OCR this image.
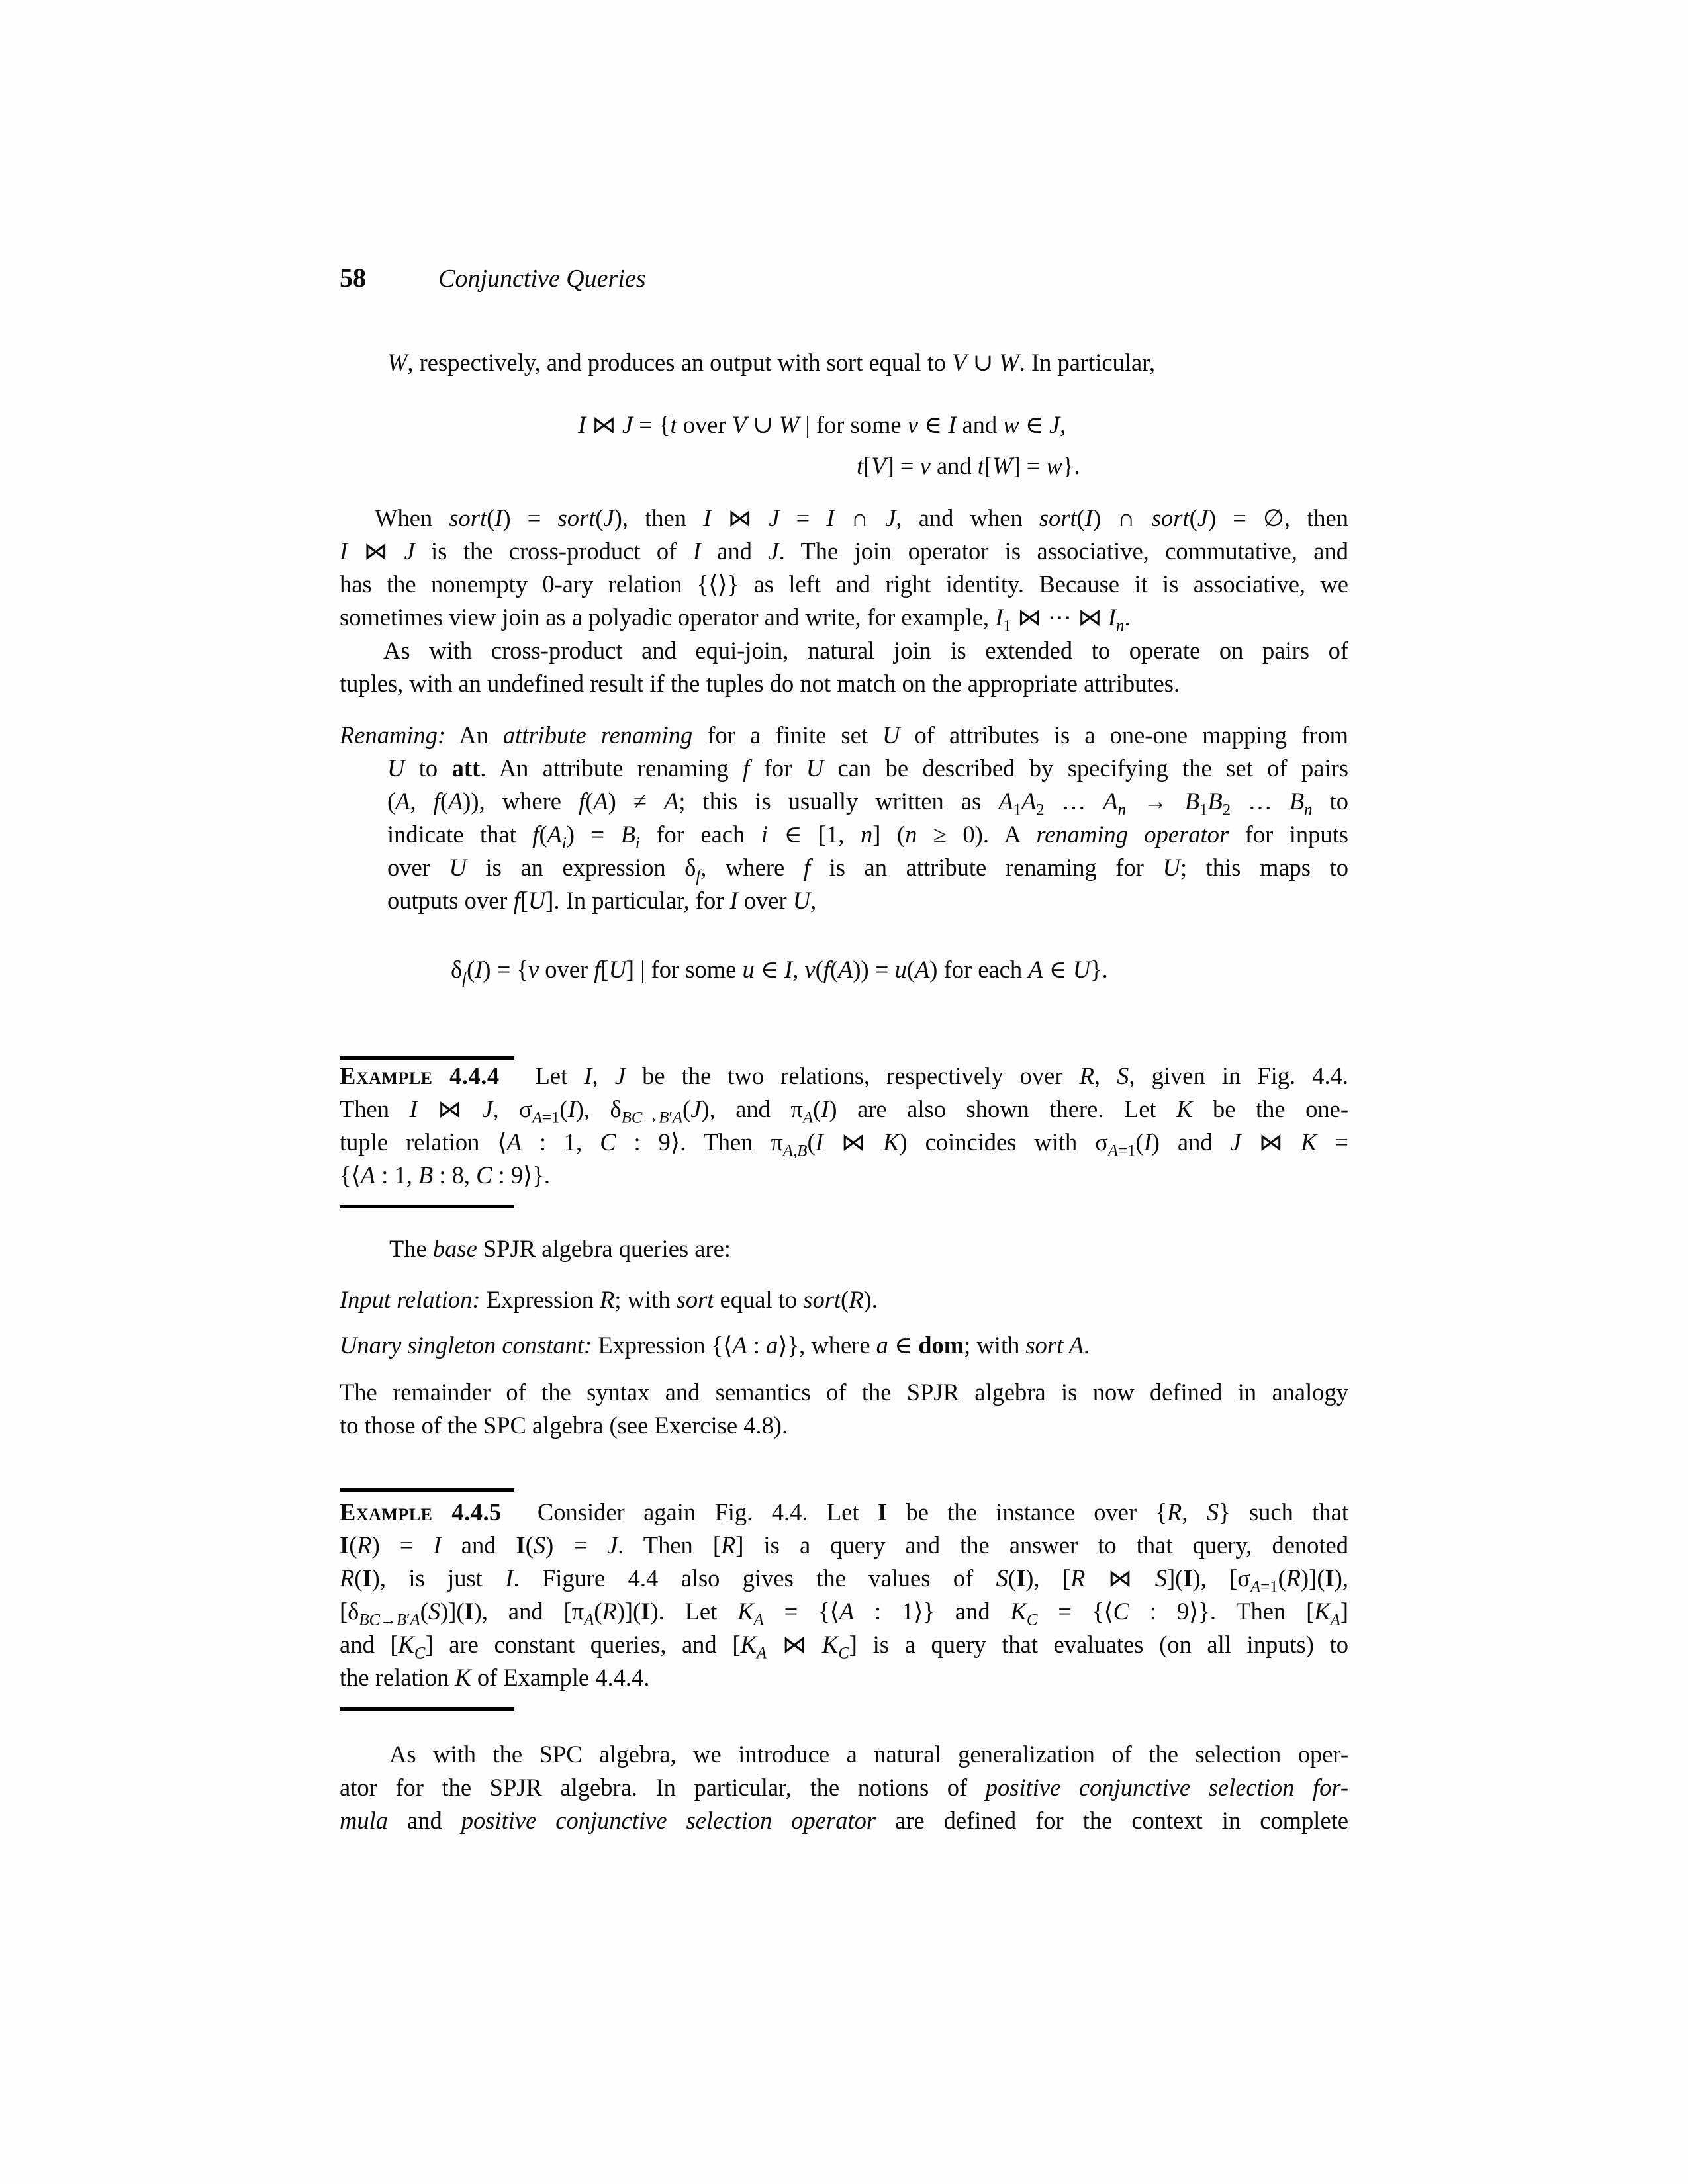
58	Conjunctive Queries
W, respectively, and produces an output with sort equal to V ∪ W. In particular,
I ⋈ J = {t over V ∪ W | for some v ∈ I and w ∈ J,
t[V] = v and t[W] = w}.
When sort(I) = sort(J), then I ⋈ J = I ∩ J, and when sort(I) ∩ sort(J) = ∅, then
I ⋈ J is the cross-product of I and J. The join operator is associative, commutative, and
has the nonempty 0-ary relation {⟨⟩} as left and right identity. Because it is associative, we
sometimes view join as a polyadic operator and write, for example, $I_1$ ⋈ ⋯ ⋈ $I_n$.
As with cross-product and equi-join, natural join is extended to operate on pairs of
tuples, with an undefined result if the tuples do not match on the appropriate attributes.
Renaming: An attribute renaming for a finite set U of attributes is a one-one mapping from
U to att. An attribute renaming f for U can be described by specifying the set of pairs
(A, f(A)), where f(A) ≠ A; this is usually written as $A_1A_2$ … $A_n \to B_1B_2$ … $B_n$ to
indicate that $f(A_i) = B_i$ for each i ∈ [1, n] (n ≥ 0). A renaming operator for inputs
over U is an expression $\delta_f$, where f is an attribute renaming for U; this maps to
outputs over f[U]. In particular, for I over U,
$\delta_f(I) = \{v$ over f[U] | for some u ∈ I, v(f(A)) = u(A) for each A ∈ U}.
Example 4.4.4 Let I, J be the two relations, respectively over R, S, given in Fig. 4.4.
Then I ⋈ J, $\sigma_{A=1}(I)$, $\delta_{BC\to B'A}(J)$, and $\pi_A(I)$ are also shown there. Let K be the one-
tuple relation ⟨A : 1, C : 9⟩. Then $\pi_{A,B}(I$ ⋈ K) coincides with $\sigma_{A=1}(I)$ and J ⋈ K =
{⟨A : 1, B : 8, C : 9⟩}.
The base SPJR algebra queries are:
Input relation: Expression R; with sort equal to sort(R).
Unary singleton constant: Expression {⟨A : a⟩}, where a ∈ dom; with sort A.
The remainder of the syntax and semantics of the SPJR algebra is now defined in analogy
to those of the SPC algebra (see Exercise 4.8).
Example 4.4.5 Consider again Fig. 4.4. Let I be the instance over {R, S} such that
I(R) = I and I(S) = J. Then [R] is a query and the answer to that query, denoted
R(I), is just I. Figure 4.4 also gives the values of S(I), [R ⋈ S](I), $[\sigma_{A=1}(R)](I)$,
$[\delta_{BC\to B'A}(S)](I)$, and $[\pi_A(R)](I)$. Let $K_A$ = {⟨A : 1⟩} and $K_C$ = {⟨C : 9⟩}. Then $[K_A]$
and $[K_C]$ are constant queries, and [$K_A$ ⋈ $K_C$] is a query that evaluates (on all inputs) to
the relation K of Example 4.4.4.
As with the SPC algebra, we introduce a natural generalization of the selection oper-
ator for the SPJR algebra. In particular, the notions of positive conjunctive selection for-
mula and positive conjunctive selection operator are defined for the context in complete
